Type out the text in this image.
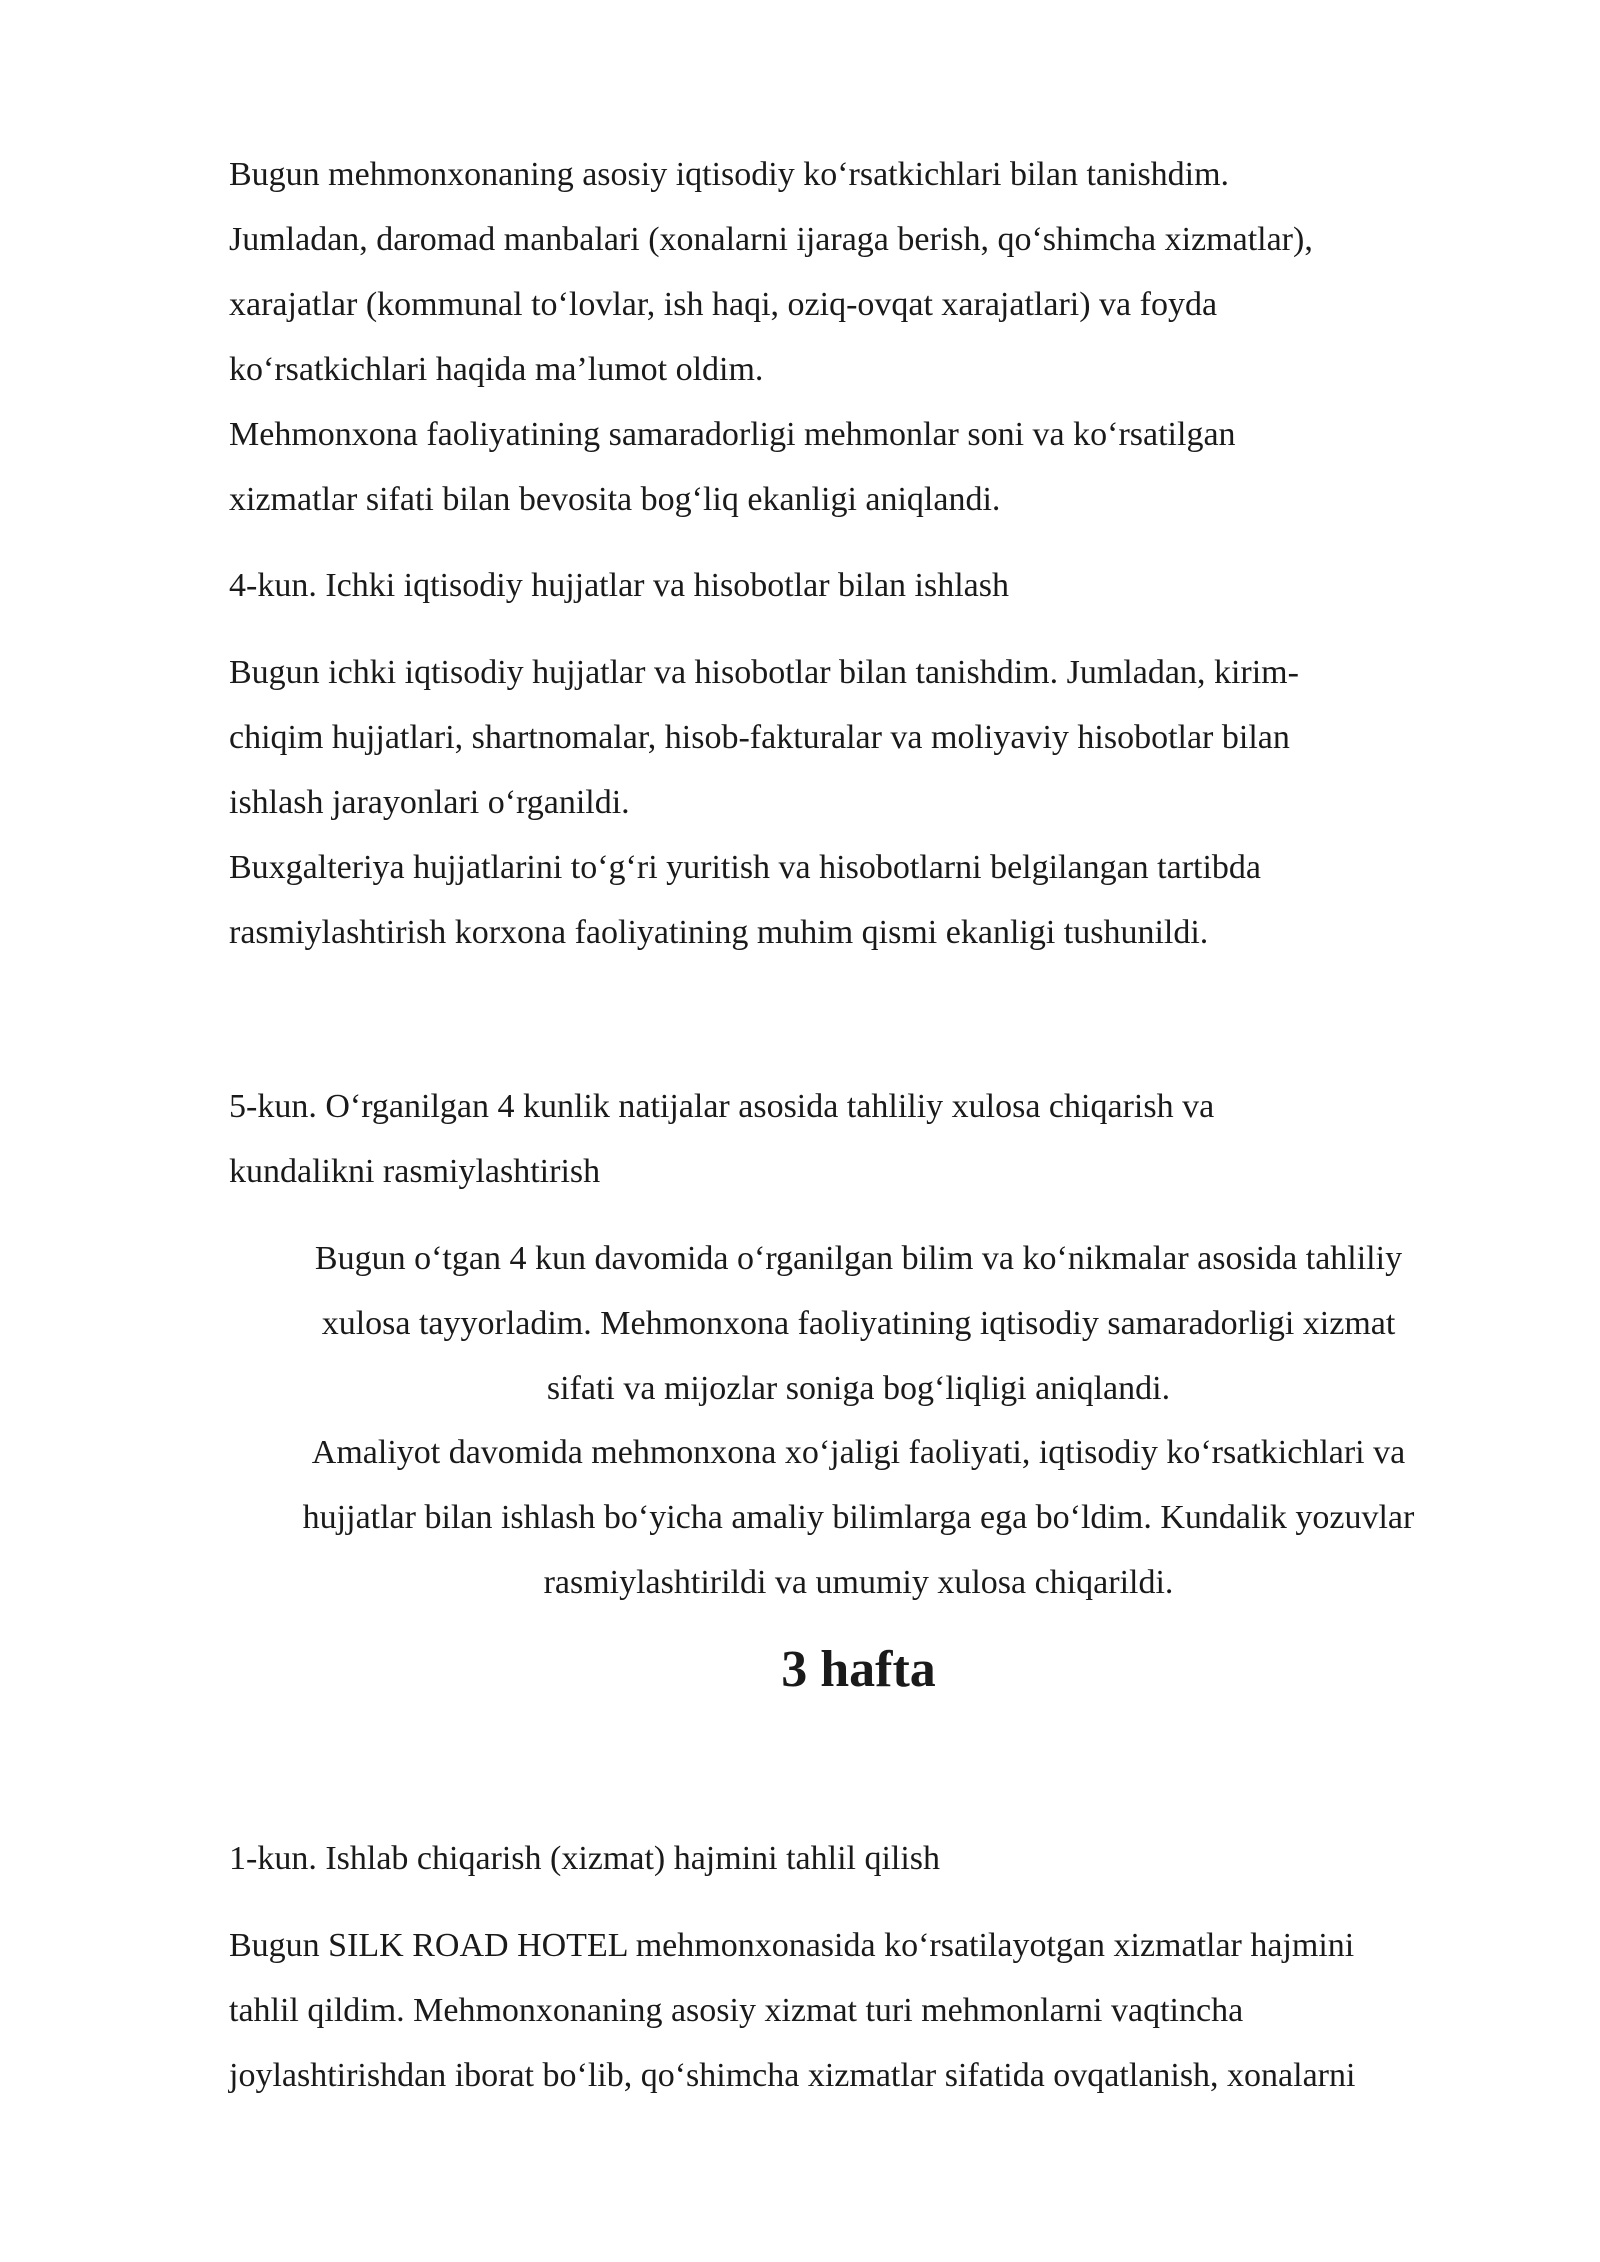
Bugun mehmonxonaning asosiy iqtisodiy ko‘rsatkichlari bilan tanishdim.
Jumladan, daromad manbalari (xonalarni ijaraga berish, qo‘shimcha xizmatlar),
xarajatlar (kommunal to‘lovlar, ish haqi, oziq-ovqat xarajatlari) va foyda
ko‘rsatkichlari haqida ma’lumot oldim.
Mehmonxona faoliyatining samaradorligi mehmonlar soni va ko‘rsatilgan
xizmatlar sifati bilan bevosita bog‘liq ekanligi aniqlandi.
4-kun. Ichki iqtisodiy hujjatlar va hisobotlar bilan ishlash
Bugun ichki iqtisodiy hujjatlar va hisobotlar bilan tanishdim. Jumladan, kirim-
chiqim hujjatlari, shartnomalar, hisob-fakturalar va moliyaviy hisobotlar bilan
ishlash jarayonlari o‘rganildi.
Buxgalteriya hujjatlarini to‘g‘ri yuritish va hisobotlarni belgilangan tartibda
rasmiylashtirish korxona faoliyatining muhim qismi ekanligi tushunildi.
5-kun. O‘rganilgan 4 kunlik natijalar asosida tahliliy xulosa chiqarish va
kundalikni rasmiylashtirish
Bugun o‘tgan 4 kun davomida o‘rganilgan bilim va ko‘nikmalar asosida tahliliy
xulosa tayyorladim. Mehmonxona faoliyatining iqtisodiy samaradorligi xizmat
sifati va mijozlar soniga bog‘liqligi aniqlandi.
Amaliyot davomida mehmonxona xo‘jaligi faoliyati, iqtisodiy ko‘rsatkichlari va
hujjatlar bilan ishlash bo‘yicha amaliy bilimlarga ega bo‘ldim. Kundalik yozuvlar
rasmiylashtirildi va umumiy xulosa chiqarildi.
3 hafta
1-kun. Ishlab chiqarish (xizmat) hajmini tahlil qilish
Bugun SILK ROAD HOTEL mehmonxonasida ko‘rsatilayotgan xizmatlar hajmini
tahlil qildim. Mehmonxonaning asosiy xizmat turi mehmonlarni vaqtincha
joylashtirishdan iborat bo‘lib, qo‘shimcha xizmatlar sifatida ovqatlanish, xonalarni
